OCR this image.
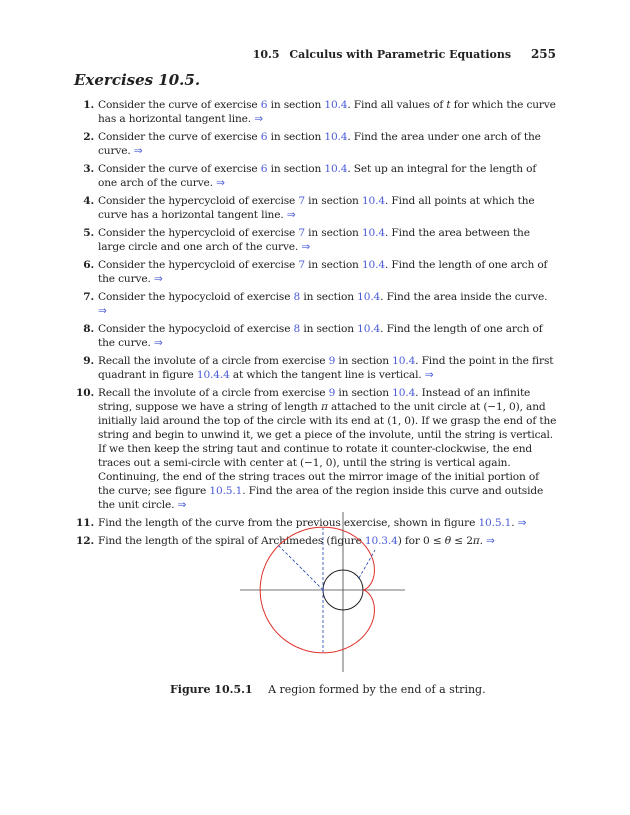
10.5 Calculus with Parametric Equations 255
Exercises 10.5.
1. Consider the curve of exercise 6 in section 10.4. Find all values of t for which the curve has a horizontal tangent line. ⇒
2. Consider the curve of exercise 6 in section 10.4. Find the area under one arch of the curve. ⇒
3. Consider the curve of exercise 6 in section 10.4. Set up an integral for the length of one arch of the curve. ⇒
4. Consider the hypercycloid of exercise 7 in section 10.4. Find all points at which the curve has a horizontal tangent line. ⇒
5. Consider the hypercycloid of exercise 7 in section 10.4. Find the area between the large circle and one arch of the curve. ⇒
6. Consider the hypercycloid of exercise 7 in section 10.4. Find the length of one arch of the curve. ⇒
7. Consider the hypocycloid of exercise 8 in section 10.4. Find the area inside the curve. ⇒
8. Consider the hypocycloid of exercise 8 in section 10.4. Find the length of one arch of the curve. ⇒
9. Recall the involute of a circle from exercise 9 in section 10.4. Find the point in the first quadrant in figure 10.4.4 at which the tangent line is vertical. ⇒
10. Recall the involute of a circle from exercise 9 in section 10.4. Instead of an infinite string, suppose we have a string of length π attached to the unit circle at (−1, 0), and initially laid around the top of the circle with its end at (1, 0). If we grasp the end of the string and begin to unwind it, we get a piece of the involute, until the string is vertical. If we then keep the string taut and continue to rotate it counter-clockwise, the end traces out a semi-circle with center at (−1, 0), until the string is vertical again. Continuing, the end of the string traces out the mirror image of the initial portion of the curve; see figure 10.5.1. Find the area of the region inside this curve and outside the unit circle. ⇒
11. Find the length of the curve from the previous exercise, shown in figure 10.5.1. ⇒
12. Find the length of the spiral of Archimedes (figure 10.3.4) for 0 ≤ θ ≤ 2π. ⇒
Figure 10.5.1 A region formed by the end of a string.
